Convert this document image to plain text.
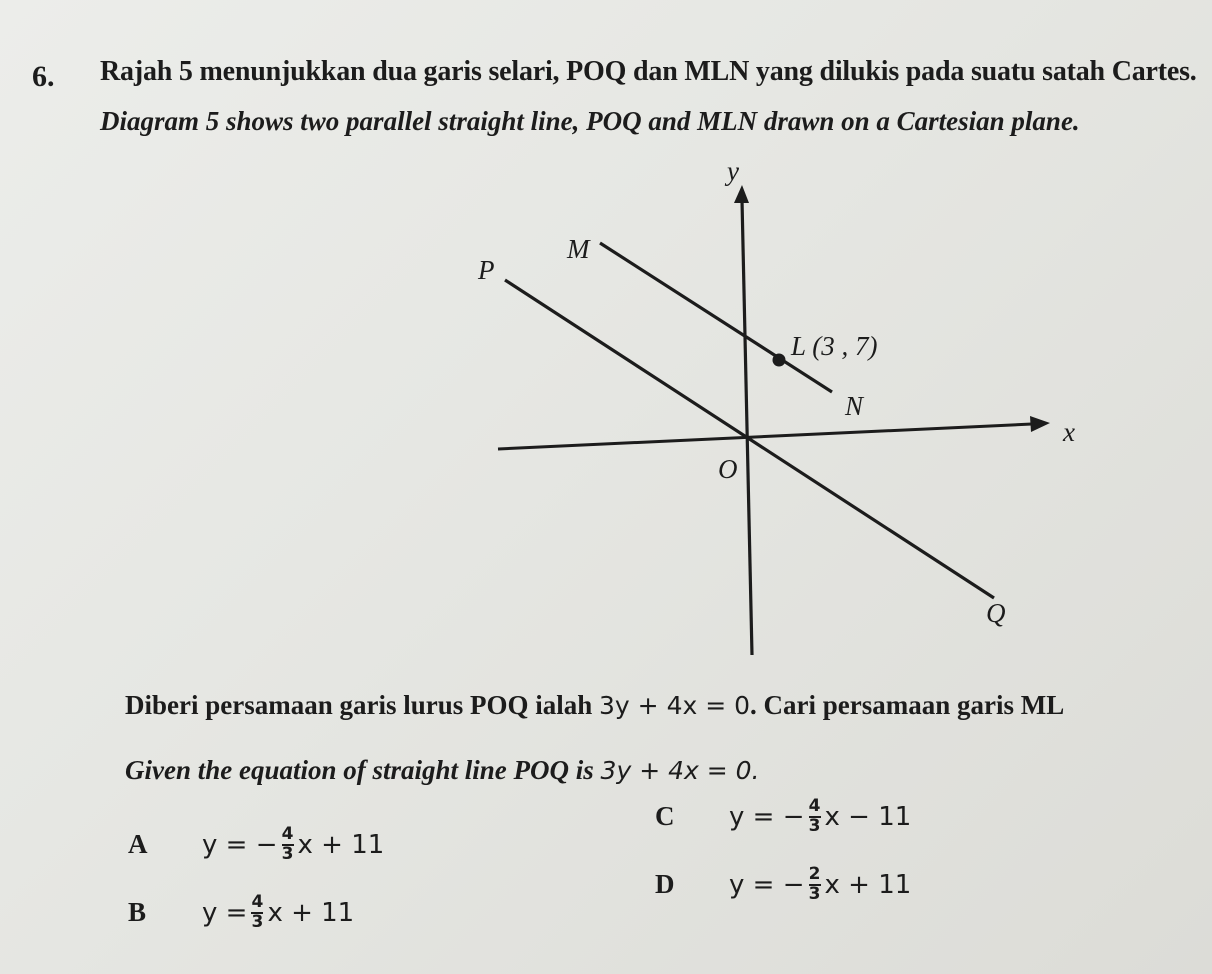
6. Rajah 5 menunjukkan dua garis selari, POQ dan MLN yang dilukis pada suatu satah Cartes.
Diagram 5 shows two parallel straight line, POQ and MLN drawn on a Cartesian plane.
y
x
O
P
M
L (3 , 7)
N
Q
Diberi persamaan garis lurus POQ ialah 3y + 4x = 0. Cari persamaan garis ML
Given the equation of straight line POQ is 3y + 4x = 0.
A	y = − $\frac{4}{3}$ x + 11
B	$y = \frac{4}{3}$ x + 11
C	y = − $\frac{4}{3}$ x − 11
D	y = − $\frac{2}{3}$ x + 11
